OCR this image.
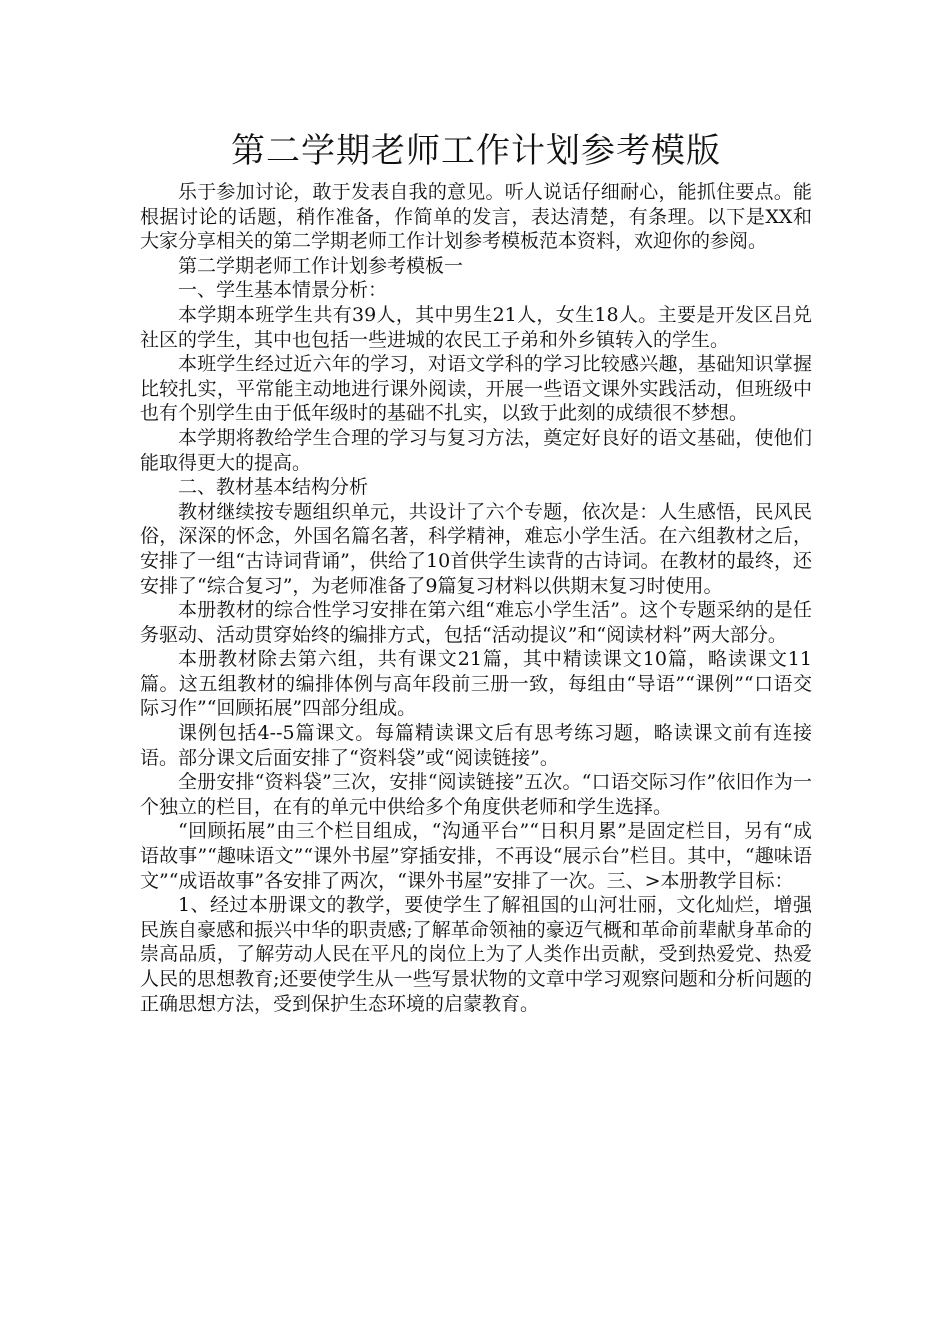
第二学期老师工作计划参考模版

乐于参加讨论，敢于发表自我的意见。听人说话仔细耐心，能抓住要点。能根据讨论的话题，稍作准备，作简单的发言，表达清楚，有条理。以下是XX和大家分享相关的第二学期老师工作计划参考模板范本资料，欢迎你的参阅。

第二学期老师工作计划参考模板一

一、学生基本情景分析：

本学期本班学生共有39人，其中男生21人，女生18人。主要是开发区吕兑社区的学生，其中也包括一些进城的农民工子弟和外乡镇转入的学生。

本班学生经过近六年的学习，对语文学科的学习比较感兴趣，基础知识掌握比较扎实，平常能主动地进行课外阅读，开展一些语文课外实践活动，但班级中也有个别学生由于低年级时的基础不扎实，以致于此刻的成绩很不梦想。

本学期将教给学生合理的学习与复习方法，奠定好良好的语文基础，使他们能取得更大的提高。

二、教材基本结构分析

教材继续按专题组织单元，共设计了六个专题，依次是：人生感悟，民风民俗，深深的怀念，外国名篇名著，科学精神，难忘小学生活。在六组教材之后，安排了一组“古诗词背诵”，供给了10首供学生读背的古诗词。在教材的最终，还安排了“综合复习”，为老师准备了9篇复习材料以供期末复习时使用。

本册教材的综合性学习安排在第六组“难忘小学生活”。这个专题采纳的是任务驱动、活动贯穿始终的编排方式，包括“活动提议”和“阅读材料”两大部分。

本册教材除去第六组，共有课文21篇，其中精读课文10篇，略读课文11篇。这五组教材的编排体例与高年段前三册一致，每组由“导语”“课例”“口语交际习作”“回顾拓展”四部分组成。

课例包括4--5篇课文。每篇精读课文后有思考练习题，略读课文前有连接语。部分课文后面安排了“资料袋”或“阅读链接”。

全册安排“资料袋”三次，安排“阅读链接”五次。“口语交际习作”依旧作为一个独立的栏目，在有的单元中供给多个角度供老师和学生选择。

“回顾拓展”由三个栏目组成，“沟通平台”“日积月累”是固定栏目，另有“成语故事”“趣味语文”“课外书屋”穿插安排，不再设“展示台”栏目。其中，“趣味语文”“成语故事”各安排了两次，“课外书屋”安排了一次。三、>本册教学目标：

1、经过本册课文的教学，要使学生了解祖国的山河壮丽，文化灿烂，增强民族自豪感和振兴中华的职责感;了解革命领袖的豪迈气概和革命前辈献身革命的崇高品质，了解劳动人民在平凡的岗位上为了人类作出贡献，受到热爱党、热爱人民的思想教育;还要使学生从一些写景状物的文章中学习观察问题和分析问题的正确思想方法，受到保护生态环境的启蒙教育。
